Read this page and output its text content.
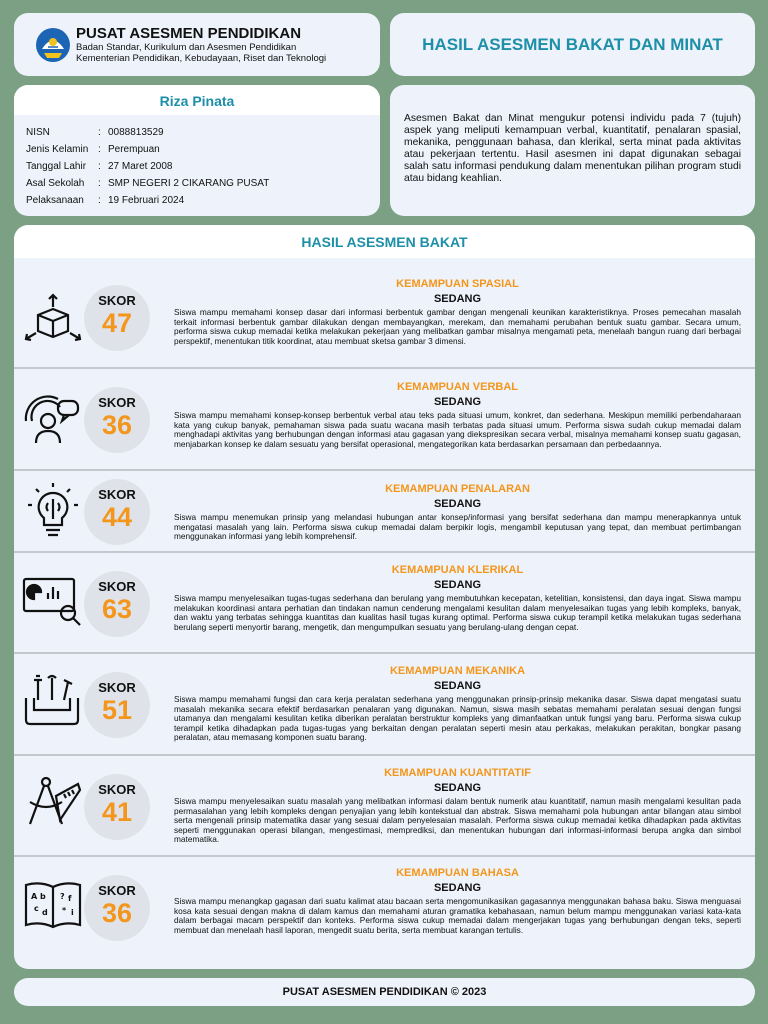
PUSAT ASESMEN PENDIDIKAN
Badan Standar, Kurikulum dan Asesmen Pendidikan
Kementerian Pendidikan, Kebudayaan, Riset dan Teknologi
HASIL ASESMEN BAKAT DAN MINAT
Riza Pinata
NISN	: 0088813529
Jenis Kelamin : Perempuan
Tanggal Lahir	: 27 Maret 2008
Asal Sekolah	: SMP NEGERI 2 CIKARANG PUSAT
Pelaksanaan	: 19 Februari 2024
Asesmen Bakat dan Minat mengukur potensi individu pada 7 (tujuh) aspek yang meliputi kemampuan verbal, kuantitatif, penalaran spasial, mekanika, penggunaan bahasa, dan klerikal, serta minat pada aktivitas atau pekerjaan tertentu. Hasil asesmen ini dapat digunakan sebagai salah satu informasi pendukung dalam menentukan pilihan program studi atau bidang keahlian.
HASIL ASESMEN BAKAT
SKOR
47
KEMAMPUAN SPASIAL
SEDANG
Siswa mampu memahami konsep dasar dari informasi berbentuk gambar dengan mengenali keunikan karakteristiknya. Proses pemecahan masalah terkait informasi berbentuk gambar dilakukan dengan membayangkan, merekam, dan memahami perubahan bentuk suatu gambar. Secara umum, performa siswa cukup memadai ketika melakukan pekerjaan yang melibatkan gambar misalnya mengamati peta, menelaah bangun ruang dari berbagai perspektif, menentukan titik koordinat, atau membuat sketsa gambar 3 dimensi.
SKOR
36
KEMAMPUAN VERBAL
SEDANG
Siswa mampu memahami konsep-konsep berbentuk verbal atau teks pada situasi umum, konkret, dan sederhana. Meskipun memiliki perbendaharaan kata yang cukup banyak, pemahaman siswa pada suatu wacana masih terbatas pada situasi umum. Performa siswa sudah cukup memadai dalam menghadapi aktivitas yang berhubungan dengan informasi atau gagasan yang diekspresikan secara verbal, misalnya memahami konsep suatu gagasan, menjabarkan konsep ke dalam sesuatu yang bersifat operasional, mengategorikan kata berdasarkan persamaan dan perbedaannya.
SKOR
44
KEMAMPUAN PENALARAN
SEDANG
Siswa mampu menemukan prinsip yang melandasi hubungan antar konsep/informasi yang bersifat sederhana dan mampu menerapkannya untuk mengatasi masalah yang lain. Performa siswa cukup memadai dalam berpikir logis, mengambil keputusan yang tepat, dan membuat pertimbangan menggunakan informasi yang lebih komprehensif.
SKOR
63
KEMAMPUAN KLERIKAL
SEDANG
Siswa mampu menyelesaikan tugas-tugas sederhana dan berulang yang membutuhkan kecepatan, ketelitian, konsistensi, dan daya ingat. Siswa mampu melakukan koordinasi antara perhatian dan tindakan namun cenderung mengalami kesulitan dalam menyelesaikan tugas yang lebih kompleks, banyak, dan waktu yang terbatas sehingga kuantitas dan kualitas hasil tugas kurang optimal. Performa siswa cukup terampil ketika melakukan tugas sederhana berulang seperti menyortir barang, mengetik, dan mengumpulkan sesuatu yang berulang-ulang dengan cepat.
SKOR
51
KEMAMPUAN MEKANIKA
SEDANG
Siswa mampu memahami fungsi dan cara kerja peralatan sederhana yang menggunakan prinsip-prinsip mekanika dasar. Siswa dapat mengatasi suatu masalah mekanika secara efektif berdasarkan penalaran yang digunakan. Namun, siswa masih sebatas memahami peralatan sesuai dengan fungsi utamanya dan mengalami kesulitan ketika diberikan peralatan berstruktur kompleks yang dimanfaatkan untuk fungsi yang baru. Performa siswa cukup terampil ketika dihadapkan pada tugas-tugas yang berkaitan dengan peralatan seperti mesin atau perkakas, melakukan perakitan, bongkar pasang peralatan, atau memasang komponen suatu barang.
SKOR
41
KEMAMPUAN KUANTITATIF
SEDANG
Siswa mampu menyelesaikan suatu masalah yang melibatkan informasi dalam bentuk numerik atau kuantitatif, namun masih mengalami kesulitan pada permasalahan yang lebih kompleks dengan penyajian yang lebih kontekstual dan abstrak. Siswa memahami pola hubungan antar bilangan atau simbol serta mengenali prinsip matematika dasar yang sesuai dalam penyelesaian masalah. Performa siswa cukup memadai ketika dihadapkan pada aktivitas seperti menggunakan operasi bilangan, mengestimasi, memprediksi, dan menentukan hubungan dari informasi-informasi berupa angka dan simbol matematika.
A b
c d
? f
* i
SKOR
36
KEMAMPUAN BAHASA
SEDANG
Siswa mampu menangkap gagasan dari suatu kalimat atau bacaan serta mengomunikasikan gagasannya menggunakan bahasa baku. Siswa menguasai kosa kata sesuai dengan makna di dalam kamus dan memahami aturan gramatika kebahasaan, namun belum mampu menggunakan variasi kata-kata dalam berbagai macam perspektif dan konteks. Performa siswa cukup memadai dalam mengerjakan tugas yang berhubungan dengan teks, seperti membuat dan menelaah hasil laporan, mengedit suatu berita, serta membuat karangan tertulis.
PUSAT ASESMEN PENDIDIKAN © 2023
